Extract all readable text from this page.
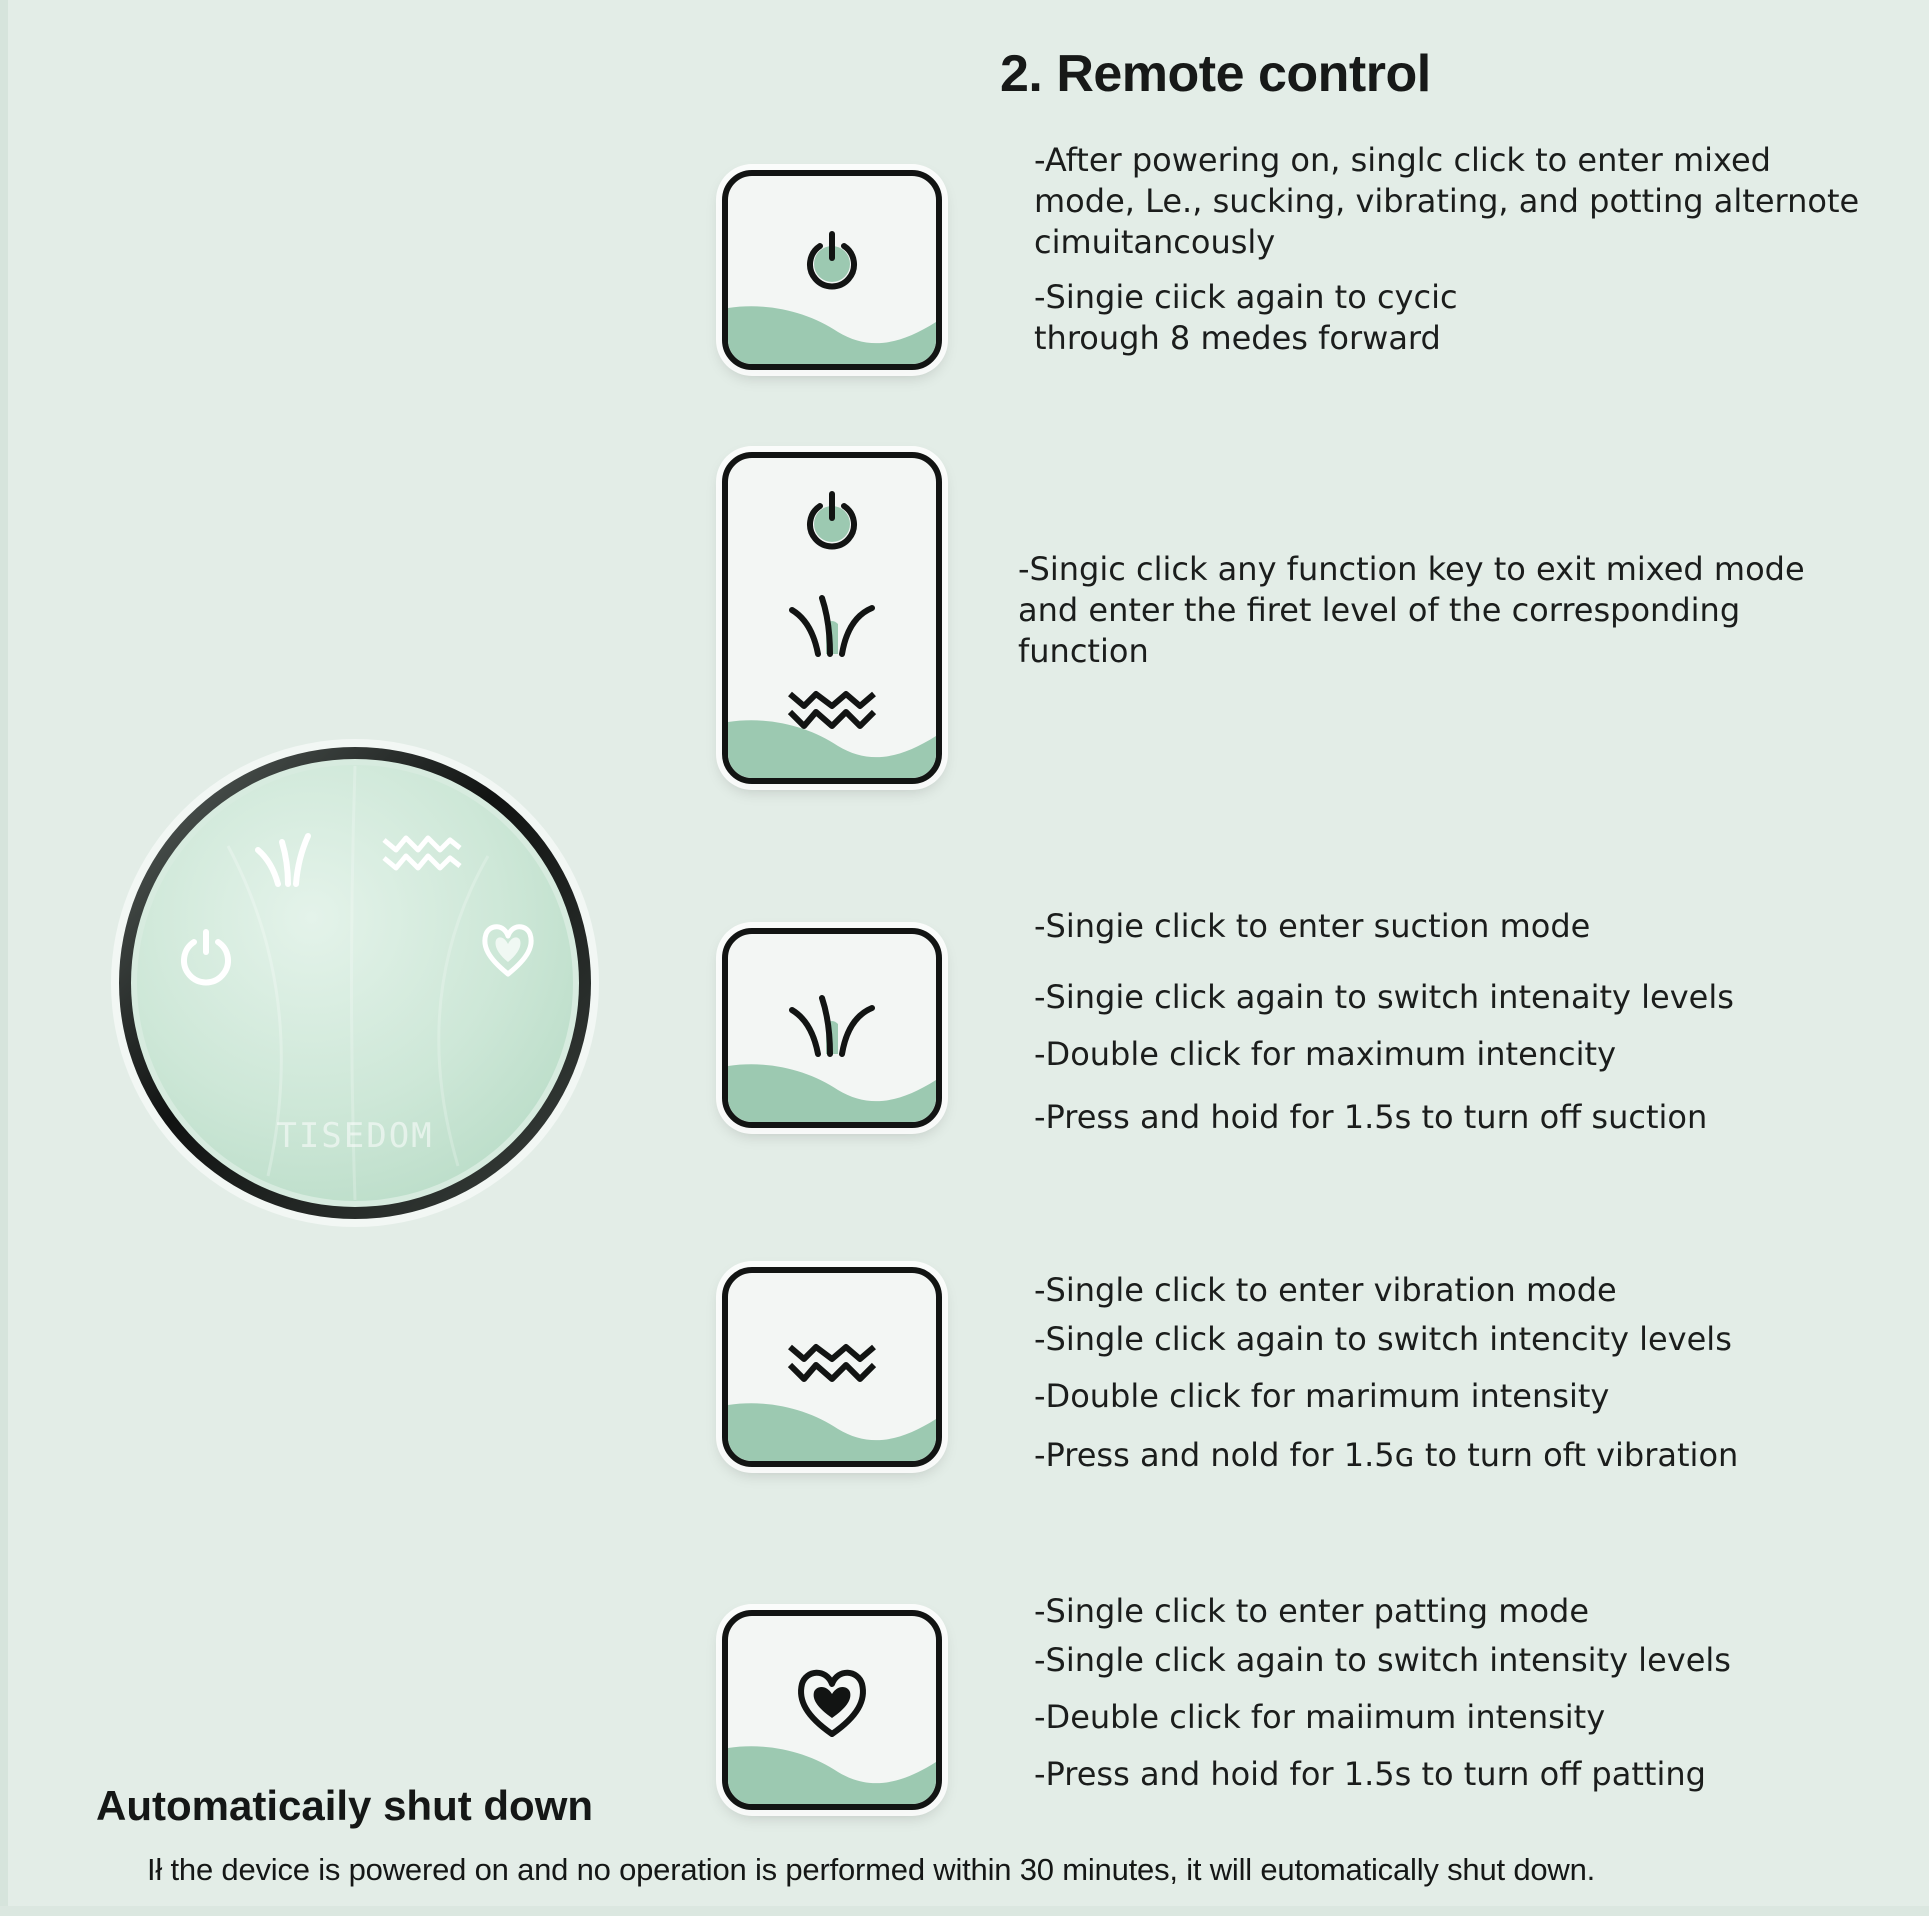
2. Remote control
TISEDOM

-After powering on, singlc click to enter mixed

mode, Le., sucking, vibrating, and potting alternote

cimuitancously

-Singie ciick again to cycic

through 8 medes forward

-Singic click any function key to exit mixed mode

and enter the firet level of the corresponding

function

-Singie click to enter suction mode

-Singie click again to switch intenaity levels

-Double click for maximum intencity

-Press and hoid for 1.5s to turn off suction

-Single click to enter vibration mode

-Single click again to switch intencity levels

-Double click for marimum intensity

-Press and nold for 1.5ɢ to turn oft vibration

-Single click to enter patting mode

-Single click again to switch intensity levels

-Deuble click for maiimum intensity

-Press and hoid for 1.5s to turn off patting

Automaticaily shut down

Ił the device is powered on and no operation is performed within 30 minutes, it will eutomatically shut down.
